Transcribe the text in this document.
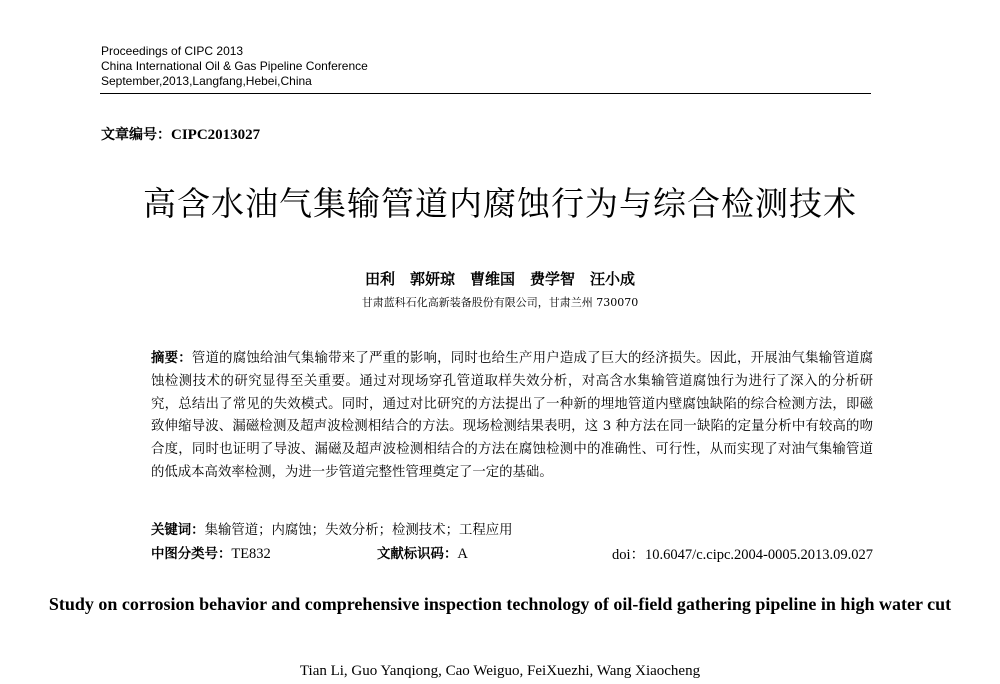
Proceedings of CIPC 2013
China International Oil & Gas Pipeline Conference
September,2013,Langfang,Hebei,China
文章编号：CIPC2013027
高含水油气集输管道内腐蚀行为与综合检测技术
田利　郭妍琼　曹维国　费学智　汪小成
甘肃蓝科石化高新装备股份有限公司，甘肃兰州 730070
摘要：管道的腐蚀给油气集输带来了严重的影响，同时也给生产用户造成了巨大的经济损失。因此，开展油气集输管道腐蚀检测技术的研究显得至关重要。通过对现场穿孔管道取样失效分析，对高含水集输管道腐蚀行为进行了深入的分析研究，总结出了常见的失效模式。同时，通过对比研究的方法提出了一种新的埋地管道内壁腐蚀缺陷的综合检测方法，即磁致伸缩导波、漏磁检测及超声波检测相结合的方法。现场检测结果表明，这 3 种方法在同一缺陷的定量分析中有较高的吻合度，同时也证明了导波、漏磁及超声波检测相结合的方法在腐蚀检测中的准确性、可行性，从而实现了对油气集输管道的低成本高效率检测，为进一步管道完整性管理奠定了一定的基础。
关键词：集输管道；内腐蚀；失效分析；检测技术；工程应用
中图分类号：TE832	文献标识码：A	doi：10.6047/c.cipc.2004-0005.2013.09.027
Study on corrosion behavior and comprehensive inspection technology of oil-field gathering pipeline in high water cut
Tian Li, Guo Yanqiong, Cao Weiguo, FeiXuezhi, Wang Xiaocheng
